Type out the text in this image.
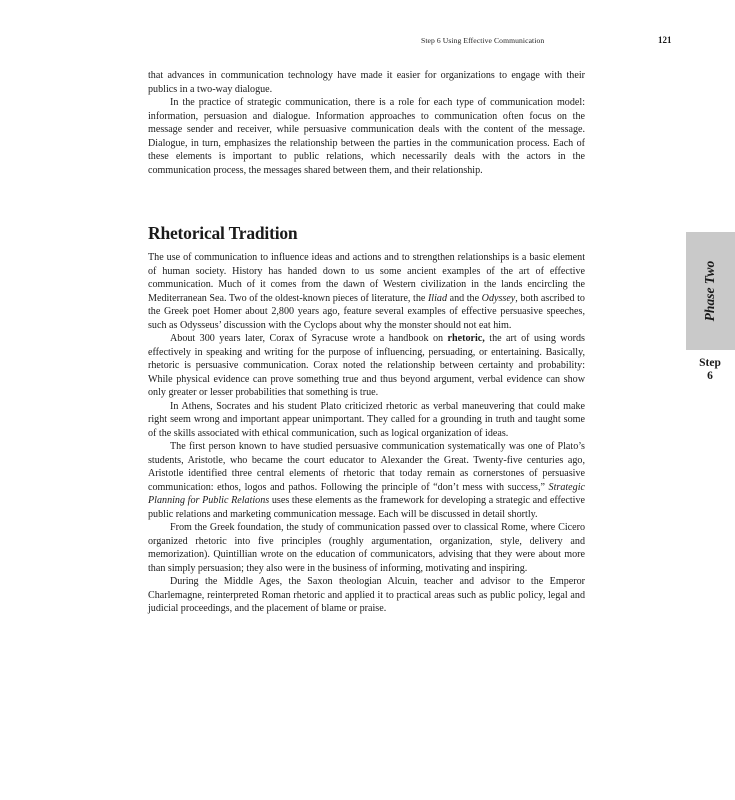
Step 6 Using Effective Communication	121

that advances in communication technology have made it easier for organizations to engage with their publics in a two-way dialogue.

In the practice of strategic communication, there is a role for each type of communication model: information, persuasion and dialogue. Information approaches to communication often focus on the message sender and receiver, while persuasive communication deals with the content of the message. Dialogue, in turn, emphasizes the relationship between the parties in the communication process. Each of these elements is important to public relations, which necessarily deals with the actors in the communication process, the messages shared between them, and their relationship.

Rhetorical Tradition

The use of communication to influence ideas and actions and to strengthen relationships is a basic element of human society. History has handed down to us some ancient examples of the art of effective communication. Much of it comes from the dawn of Western civilization in the lands encircling the Mediterranean Sea. Two of the oldest-known pieces of literature, the Iliad and the Odyssey, both ascribed to the Greek poet Homer about 2,800 years ago, feature several examples of effective persuasive speeches, such as Odysseus’ discussion with the Cyclops about why the monster should not eat him.

About 300 years later, Corax of Syracuse wrote a handbook on rhetoric, the art of using words effectively in speaking and writing for the purpose of influencing, persuading, or entertaining. Basically, rhetoric is persuasive communication. Corax noted the relationship between certainty and probability: While physical evidence can prove something true and thus beyond argument, verbal evidence can show only greater or lesser probabilities that something is true.

In Athens, Socrates and his student Plato criticized rhetoric as verbal maneuvering that could make right seem wrong and important appear unimportant. They called for a grounding in truth and taught some of the skills associated with ethical communication, such as logical organization of ideas.

The first person known to have studied persuasive communication systematically was one of Plato’s students, Aristotle, who became the court educator to Alexander the Great. Twenty-five centuries ago, Aristotle identified three central elements of rhetoric that today remain as cornerstones of persuasive communication: ethos, logos and pathos. Following the principle of “don’t mess with success,” Strategic Planning for Public Relations uses these elements as the framework for developing a strategic and effective public relations and marketing communication message. Each will be discussed in detail shortly.

From the Greek foundation, the study of communication passed over to classical Rome, where Cicero organized rhetoric into five principles (roughly argumentation, organization, style, delivery and memorization). Quintillian wrote on the education of communicators, advising that they were about more than simply persuasion; they also were in the business of informing, motivating and inspiring.

During the Middle Ages, the Saxon theologian Alcuin, teacher and advisor to the Emperor Charlemagne, reinterpreted Roman rhetoric and applied it to practical areas such as public policy, legal and judicial proceedings, and the placement of blame or praise.

Phase Two
Step
6
